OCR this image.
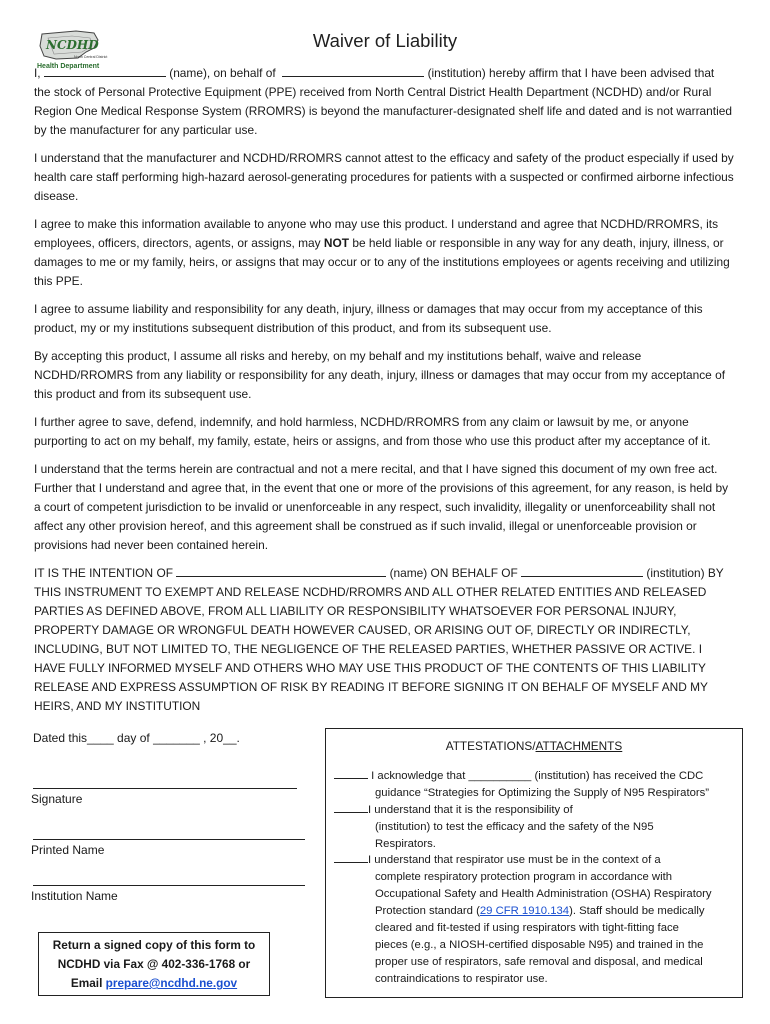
NCDHD
North Central District
Health Department
Waiver of Liability

I,	(name), on behalf of	(institution) hereby affirm that I have been advised that the stock of Personal Protective Equipment (PPE) received from North Central District Health Department (NCDHD) and/or Rural Region One Medical Response System (RROMRS) is beyond the manufacturer-designated shelf life and dated and is not warrantied by the manufacturer for any particular use.

I understand that the manufacturer and NCDHD/RROMRS cannot attest to the efficacy and safety of the product especially if used by health care staff performing high-hazard aerosol-generating procedures for patients with a suspected or confirmed airborne infectious disease.

I agree to make this information available to anyone who may use this product. I understand and agree that NCDHD/RROMRS, its employees, officers, directors, agents, or assigns, may NOT be held liable or responsible in any way for any death, injury, illness, or damages to me or my family, heirs, or assigns that may occur or to any of the institutions employees or agents receiving and utilizing this PPE.

I agree to assume liability and responsibility for any death, injury, illness or damages that may occur from my acceptance of this product, my or my institutions subsequent distribution of this product, and from its subsequent use.

By accepting this product, I assume all risks and hereby, on my behalf and my institutions behalf, waive and release NCDHD/RROMRS from any liability or responsibility for any death, injury, illness or damages that may occur from my acceptance of this product and from its subsequent use.

I further agree to save, defend, indemnify, and hold harmless, NCDHD/RROMRS from any claim or lawsuit by me, or anyone purporting to act on my behalf, my family, estate, heirs or assigns, and from those who use this product after my acceptance of it.

I understand that the terms herein are contractual and not a mere recital, and that I have signed this document of my own free act. Further that I understand and agree that, in the event that one or more of the provisions of this agreement, for any reason, is held by a court of competent jurisdiction to be invalid or unenforceable in any respect, such invalidity, illegality or unenforceability shall not affect any other provision hereof, and this agreement shall be construed as if such invalid, illegal or unenforceable provision or provisions had never been contained herein.

IT IS THE INTENTION OF	(name) ON BEHALF OF	(institution) BY THIS INSTRUMENT TO EXEMPT AND RELEASE NCDHD/RROMRS AND ALL OTHER RELATED ENTITIES AND RELEASED PARTIES AS DEFINED ABOVE, FROM ALL LIABILITY OR RESPONSIBILITY WHATSOEVER FOR PERSONAL INJURY, PROPERTY DAMAGE OR WRONGFUL DEATH HOWEVER CAUSED, OR ARISING OUT OF, DIRECTLY OR INDIRECTLY, INCLUDING, BUT NOT LIMITED TO, THE NEGLIGENCE OF THE RELEASED PARTIES, WHETHER PASSIVE OR ACTIVE. I HAVE FULLY INFORMED MYSELF AND OTHERS WHO MAY USE THIS PRODUCT OF THE CONTENTS OF THIS LIABILITY RELEASE AND EXPRESS ASSUMPTION OF RISK BY READING IT BEFORE SIGNING IT ON BEHALF OF MYSELF AND MY HEIRS, AND MY INSTITUTION

Dated this____ day of _______ , 20__.
Signature
Printed Name
Institution Name
Return a signed copy of this form to
NCDHD via Fax @ 402-336-1768 or
Email prepare@ncdhd.ne.gov
ATTESTATIONS/ATTACHMENTS
I acknowledge that __________ (institution) has received the CDC
guidance “Strategies for Optimizing the Supply of N95 Respirators”
I understand that it is the responsibility of
(institution) to test the efficacy and the safety of the N95
Respirators.
I understand that respirator use must be in the context of a
complete respiratory protection program in accordance with
Occupational Safety and Health Administration (OSHA) Respiratory
Protection standard (29 CFR 1910.134). Staff should be medically
cleared and fit-tested if using respirators with tight-fitting face
pieces (e.g., a NIOSH-certified disposable N95) and trained in the
proper use of respirators, safe removal and disposal, and medical
contraindications to respirator use.
